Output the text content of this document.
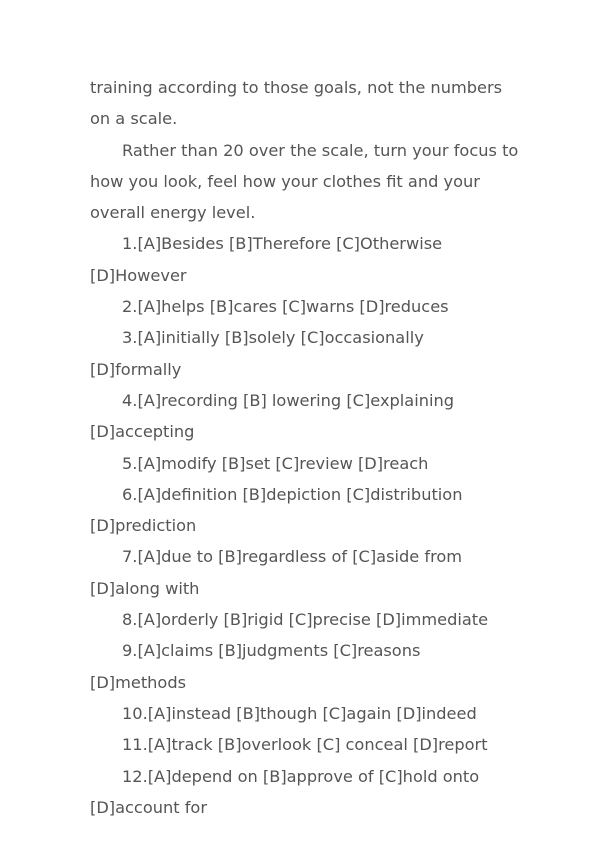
training according to those goals, not the numbers on a scale.

Rather than 20 over the scale, turn your focus to how you look, feel how your clothes fit and your overall energy level.

1.[A]Besides [B]Therefore [C]Otherwise [D]However

2.[A]helps [B]cares [C]warns [D]reduces

3.[A]initially [B]solely [C]occasionally [D]formally

4.[A]recording [B] lowering [C]explaining [D]accepting

5.[A]modify [B]set [C]review [D]reach

6.[A]definition [B]depiction [C]distribution [D]prediction

7.[A]due to [B]regardless of [C]aside from [D]along with

8.[A]orderly [B]rigid [C]precise [D]immediate

9.[A]claims [B]judgments [C]reasons [D]methods

10.[A]instead [B]though [C]again [D]indeed

11.[A]track [B]overlook [C] conceal [D]report

12.[A]depend on [B]approve of [C]hold onto [D]account for
